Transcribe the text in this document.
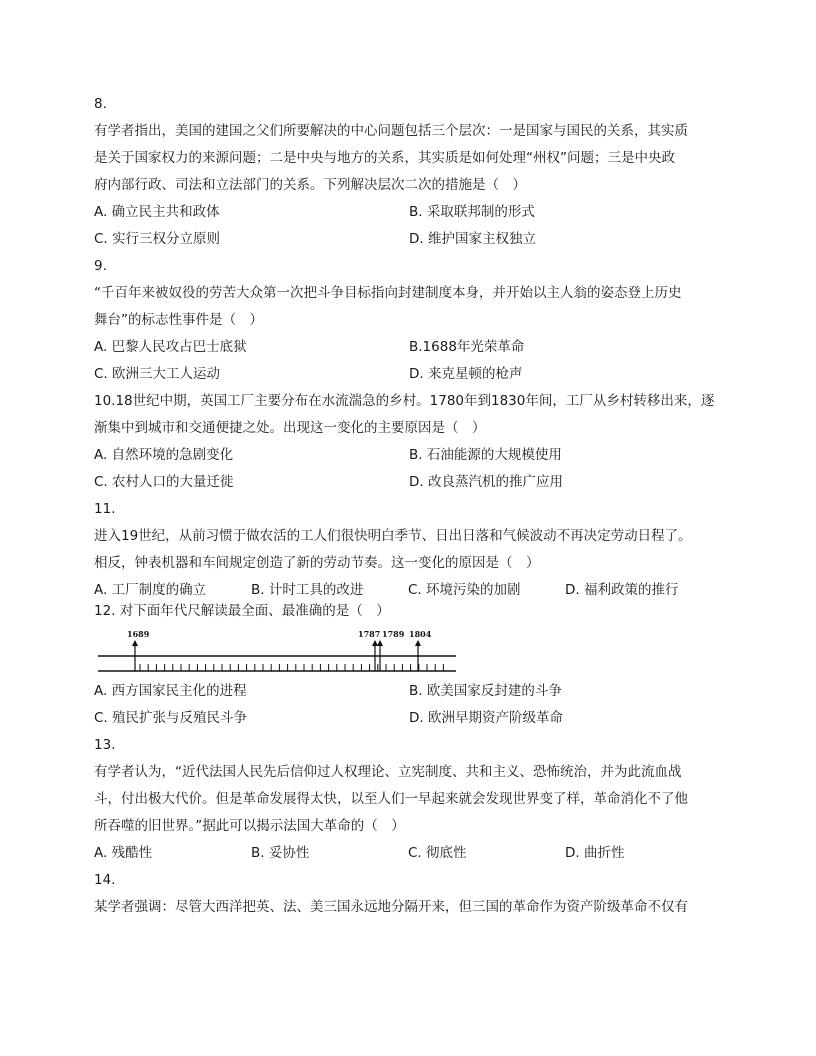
8.
有学者指出，美国的建国之父们所要解决的中心问题包括三个层次：一是国家与国民的关系，其实质
是关于国家权力的来源问题；二是中央与地方的关系，其实质是如何处理“州权”问题；三是中央政
府内部行政、司法和立法部门的关系。下列解决层次二次的措施是（　）
A. 确立民主共和政体	B. 采取联邦制的形式
C. 实行三权分立原则	D. 维护国家主权独立
9.
“千百年来被奴役的劳苦大众第一次把斗争目标指向封建制度本身，并开始以主人翁的姿态登上历史
舞台”的标志性事件是（　）
A. 巴黎人民攻占巴士底狱	B.1688年光荣革命
C. 欧洲三大工人运动	D. 来克星顿的枪声
10.18世纪中期，英国工厂主要分布在水流湍急的乡村。1780年到1830年间，工厂从乡村转移出来，逐
渐集中到城市和交通便捷之处。出现这一变化的主要原因是（　）
A. 自然环境的急剧变化	B. 石油能源的大规模使用
C. 农村人口的大量迁徙	D. 改良蒸汽机的推广应用
11.
进入19世纪，从前习惯于做农活的工人们很快明白季节、日出日落和气候波动不再决定劳动日程了。
相反，钟表机器和车间规定创造了新的劳动节奏。这一变化的原因是（　）
A. 工厂制度的确立	B. 计时工具的改进	C. 环境污染的加剧	D. 福利政策的推行
12. 对下面年代尺解读最全面、最准确的是（　）
1689	1787 1789 1804
A. 西方国家民主化的进程	B. 欧美国家反封建的斗争
C. 殖民扩张与反殖民斗争	D. 欧洲早期资产阶级革命
13.
有学者认为，“近代法国人民先后信仰过人权理论、立宪制度、共和主义、恐怖统治，并为此流血战
斗，付出极大代价。但是革命发展得太快，以至人们一早起来就会发现世界变了样，革命消化不了他
所吞噬的旧世界。”据此可以揭示法国大革命的（　）
A. 残酷性	B. 妥协性	C. 彻底性	D. 曲折性
14.
某学者强调：尽管大西洋把英、法、美三国永远地分隔开来，但三国的革命作为资产阶级革命不仅有
